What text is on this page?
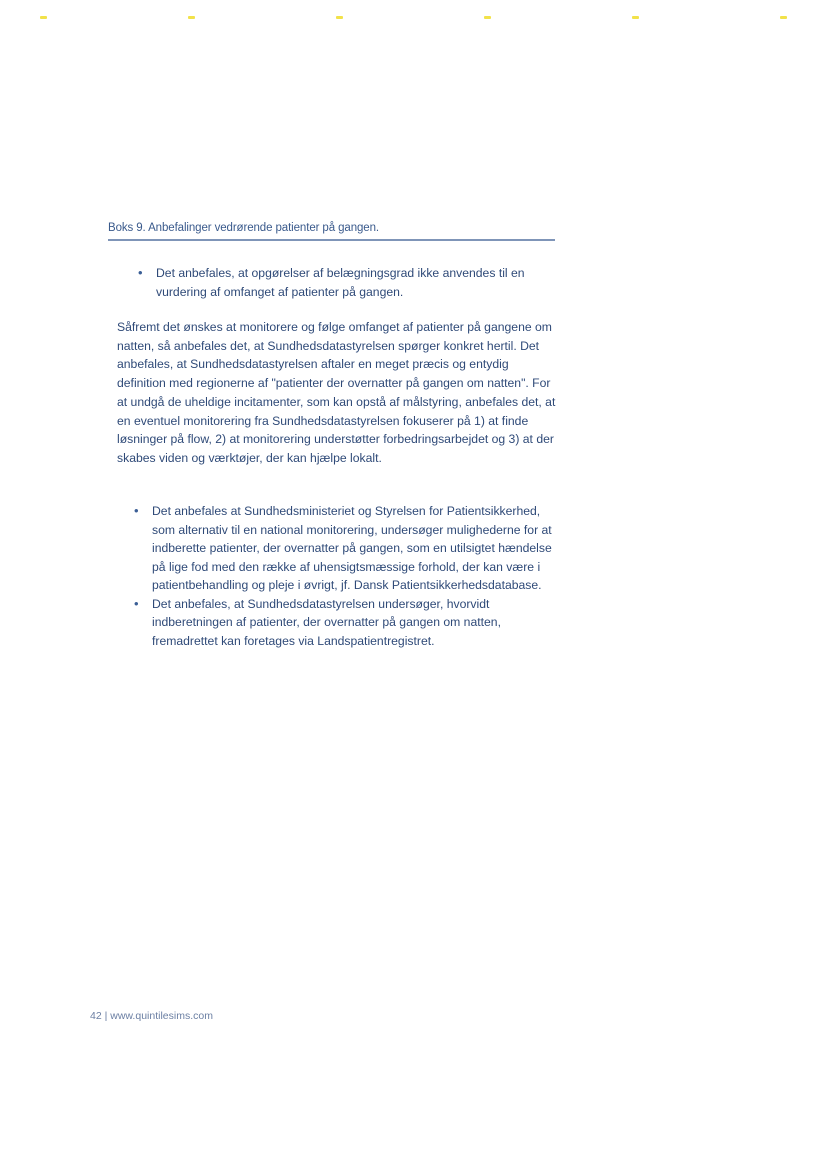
Boks 9. Anbefalinger vedrørende patienter på gangen.
• Det anbefales, at opgørelser af belægningsgrad ikke anvendes til en vurdering af omfanget af patienter på gangen.

Såfremt det ønskes at monitorere og følge omfanget af patienter på gangene om natten, så anbefales det, at Sundhedsdatastyrelsen spørger konkret hertil. Det anbefales, at Sundhedsdatastyrelsen aftaler en meget præcis og entydig definition med regionerne af "patienter der overnatter på gangen om natten". For at undgå de uheldige incitamenter, som kan opstå af målstyring, anbefales det, at en eventuel monitorering fra Sundhedsdatastyrelsen fokuserer på 1) at finde løsninger på flow, 2) at monitorering understøtter forbedringsarbejdet og 3) at der skabes viden og værktøjer, der kan hjælpe lokalt.

• Det anbefales at Sundhedsministeriet og Styrelsen for Patientsikkerhed, som alternativ til en national monitorering, undersøger mulighederne for at indberette patienter, der overnatter på gangen, som en utilsigtet hændelse på lige fod med den række af uhensigtsmæssige forhold, der kan være i patientbehandling og pleje i øvrigt, jf. Dansk Patientsikkerhedsdatabase.
• Det anbefales, at Sundhedsdatastyrelsen undersøger, hvorvidt indberetningen af patienter, der overnatter på gangen om natten, fremadrettet kan foretages via Landspatientregistret.
42 | www.quintilesims.com
